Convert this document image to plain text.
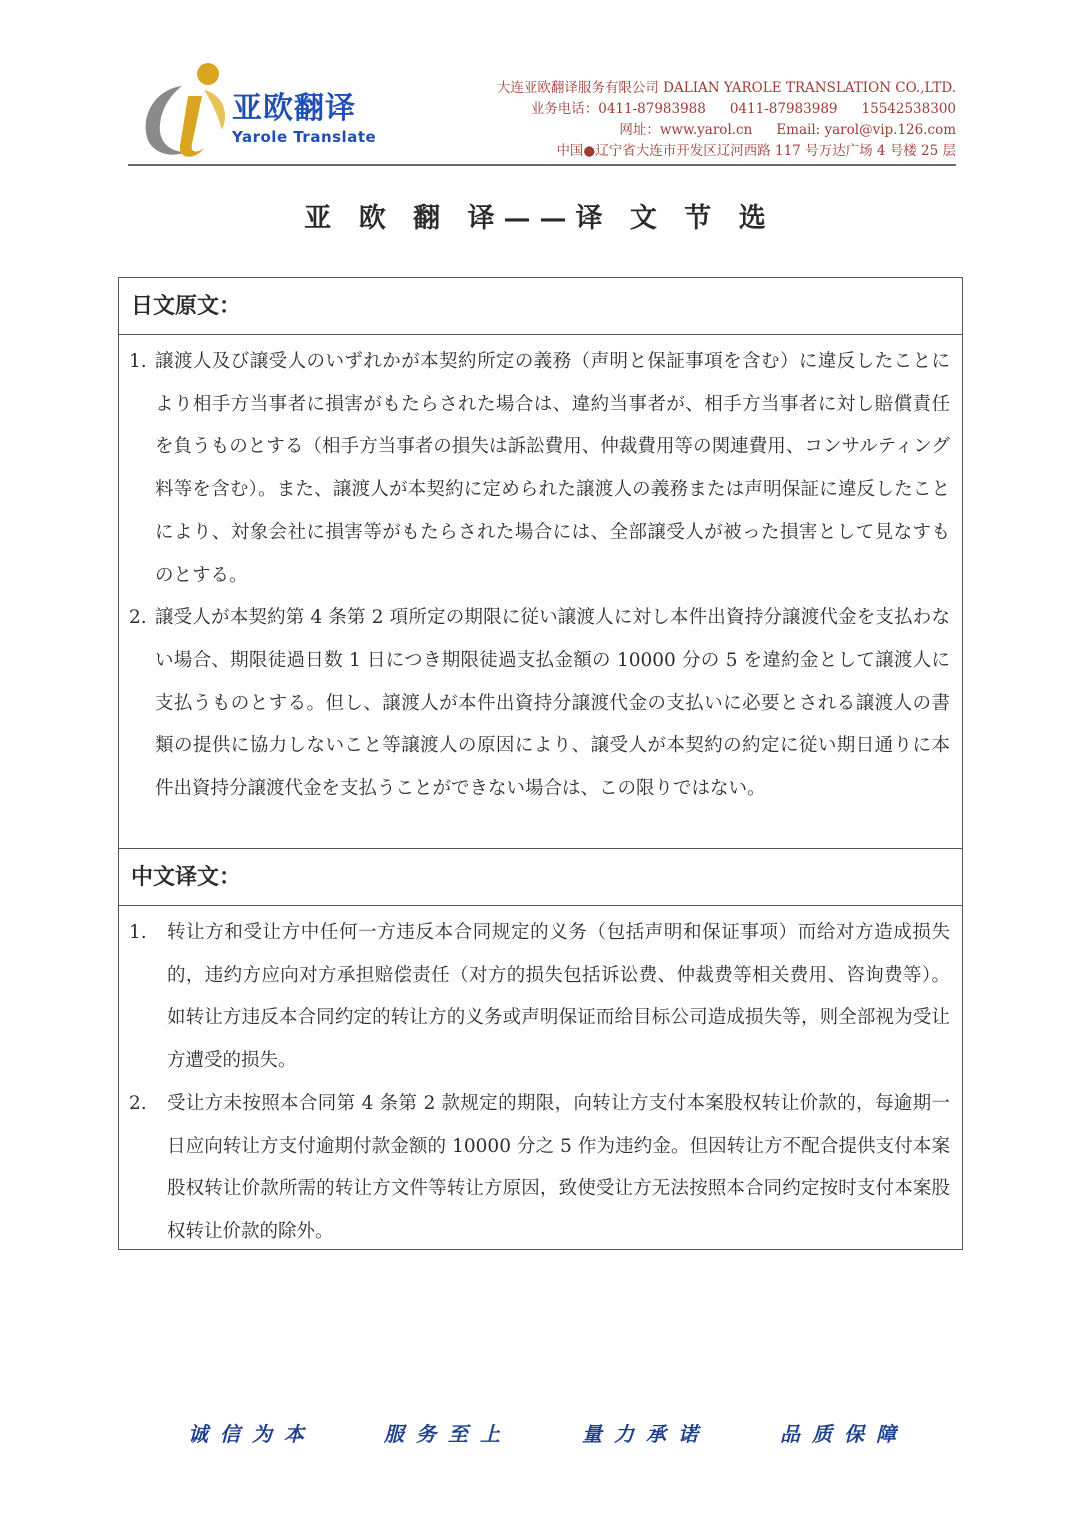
亚欧翻译
Yarole Translate
大连亚欧翻译服务有限公司 DALIAN YAROLE TRANSLATION CO.,LTD.
业务电话：0411-87983988 0411-87983989 15542538300
网址：www.yarol.cn Email: yarol@vip.126.com
中国●辽宁省大连市开发区辽河西路 117 号万达广场 4 号楼 25 层
亚 欧 翻 译——译 文 节 选
日文原文：
1. 譲渡人及び譲受人のいずれかが本契約所定の義務（声明と保証事項を含む）に違反したことにより相手方当事者に損害がもたらされた場合は、違約当事者が、相手方当事者に対し賠償責任を負うものとする（相手方当事者の損失は訴訟費用、仲裁費用等の関連費用、コンサルティング料等を含む）。また、譲渡人が本契約に定められた譲渡人の義務または声明保証に違反したことにより、対象会社に損害等がもたらされた場合には、全部譲受人が被った損害として見なすものとする。
2. 譲受人が本契約第 4 条第 2 項所定の期限に従い譲渡人に対し本件出資持分譲渡代金を支払わない場合、期限徒過日数 1 日につき期限徒過支払金額の 10000 分の 5 を違約金として譲渡人に支払うものとする。但し、譲渡人が本件出資持分譲渡代金の支払いに必要とされる譲渡人の書類の提供に協力しないこと等譲渡人の原因により、譲受人が本契約の約定に従い期日通りに本件出資持分譲渡代金を支払うことができない場合は、この限りではない。
中文译文：
1.	转让方和受让方中任何一方违反本合同规定的义务（包括声明和保证事项）而给对方造成损失的，违约方应向对方承担赔偿责任（对方的损失包括诉讼费、仲裁费等相关费用、咨询费等）。如转让方违反本合同约定的转让方的义务或声明保证而给目标公司造成损失等，则全部视为受让方遭受的损失。
2.	受让方未按照本合同第 4 条第 2 款规定的期限，向转让方支付本案股权转让价款的，每逾期一日应向转让方支付逾期付款金额的 10000 分之 5 作为违约金。但因转让方不配合提供支付本案股权转让价款所需的转让方文件等转让方原因，致使受让方无法按照本合同约定按时支付本案股权转让价款的除外。
诚信为本	服务至上	量力承诺	品质保障
